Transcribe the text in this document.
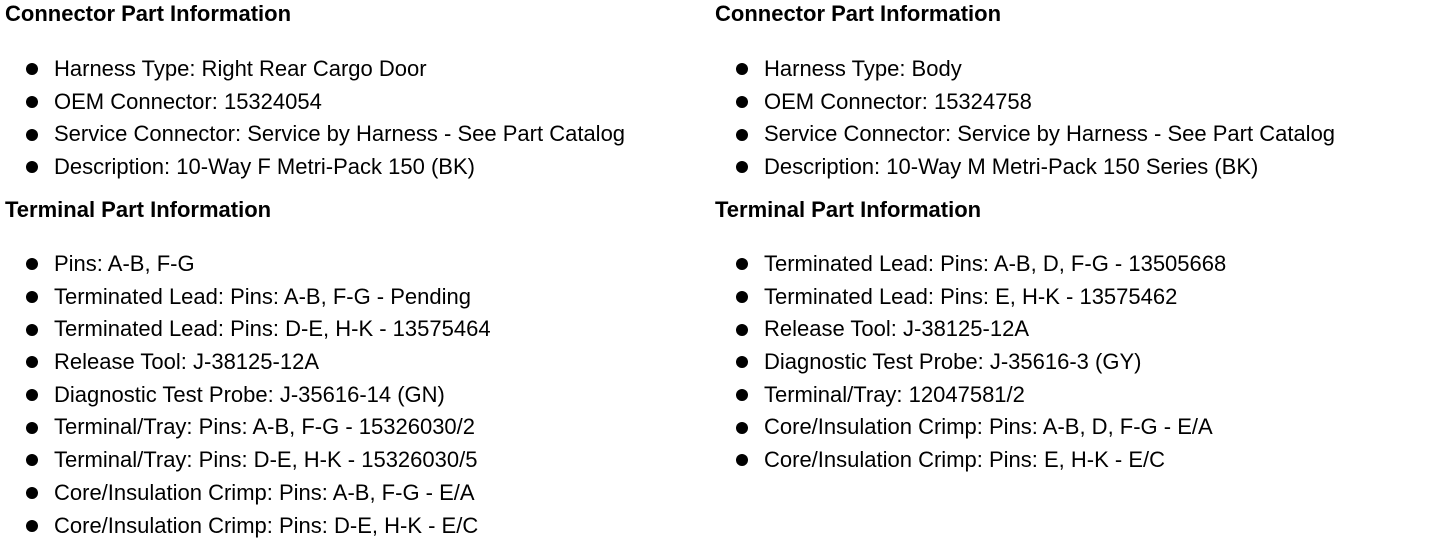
Connector Part Information
Harness Type: Right Rear Cargo Door
OEM Connector: 15324054
Service Connector: Service by Harness - See Part Catalog
Description: 10-Way F Metri-Pack 150 (BK)
Terminal Part Information
Pins: A-B, F-G
Terminated Lead: Pins: A-B, F-G - Pending
Terminated Lead: Pins: D-E, H-K - 13575464
Release Tool: J-38125-12A
Diagnostic Test Probe: J-35616-14 (GN)
Terminal/Tray: Pins: A-B, F-G - 15326030/2
Terminal/Tray: Pins: D-E, H-K - 15326030/5
Core/Insulation Crimp: Pins: A-B, F-G - E/A
Core/Insulation Crimp: Pins: D-E, H-K - E/C
Connector Part Information
Harness Type: Body
OEM Connector: 15324758
Service Connector: Service by Harness - See Part Catalog
Description: 10-Way M Metri-Pack 150 Series (BK)
Terminal Part Information
Terminated Lead: Pins: A-B, D, F-G - 13505668
Terminated Lead: Pins: E, H-K - 13575462
Release Tool: J-38125-12A
Diagnostic Test Probe: J-35616-3 (GY)
Terminal/Tray: 12047581/2
Core/Insulation Crimp: Pins: A-B, D, F-G - E/A
Core/Insulation Crimp: Pins: E, H-K - E/C
